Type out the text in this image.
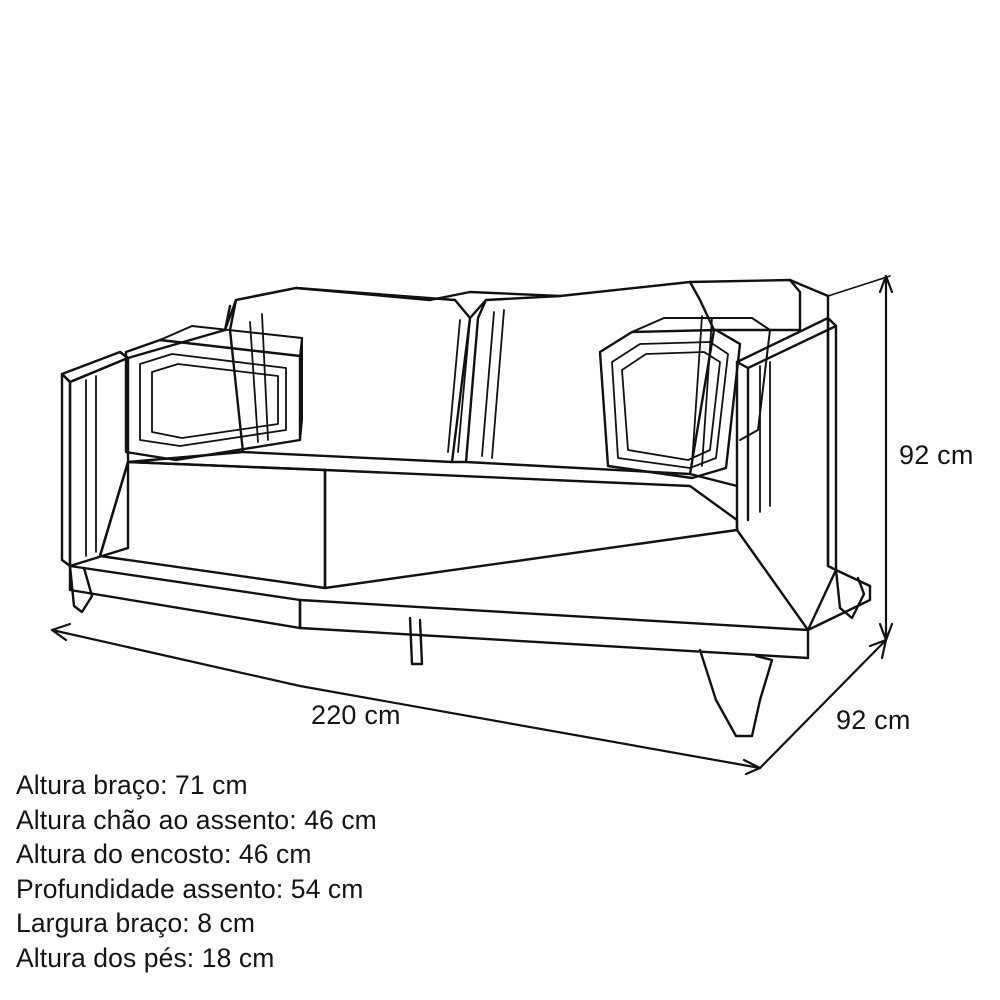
220 cm	92 cm
92 cm
Altura braço: 71 cm
Altura chão ao assento: 46 cm
Altura do encosto: 46 cm
Profundidade assento: 54 cm
Largura braço: 8 cm
Altura dos pés: 18 cm
